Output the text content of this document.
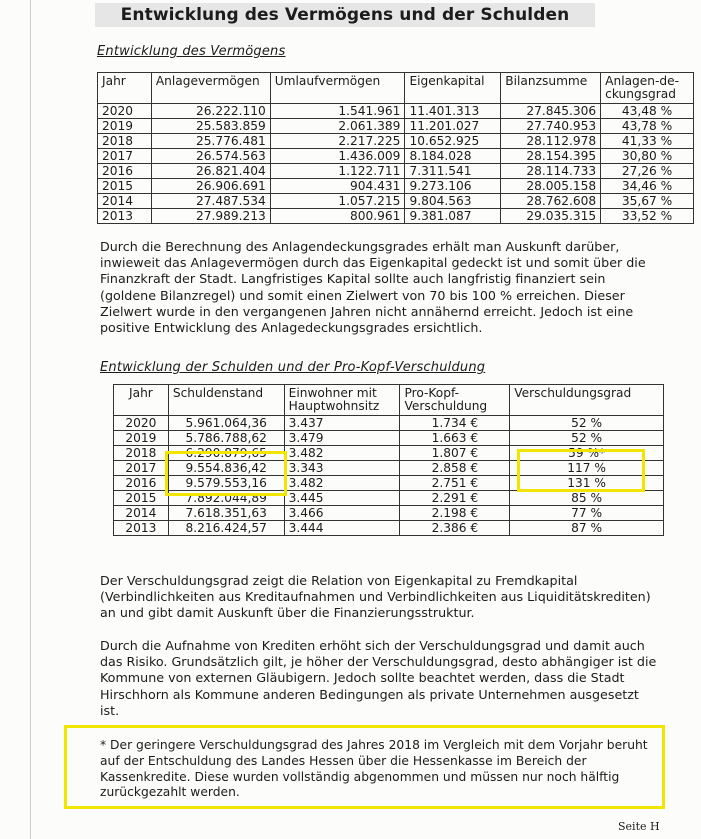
Entwicklung des Vermögens und der Schulden
Entwicklung des Vermögens
Jahr	Anlagevermögen	Umlaufvermögen	Eigenkapital	Bilanzsumme	Anlagen-de-ckungsgrad
2020	26.222.110	1.541.961	11.401.313	27.845.306	43,48 %
2019	25.583.859	2.061.389	11.201.027	27.740.953	43,78 %
2018	25.776.481	2.217.225	10.652.925	28.112.978	41,33 %
2017	26.574.563	1.436.009	8.184.028	28.154.395	30,80 %
2016	26.821.404	1.122.711	7.311.541	28.114.733	27,26 %
2015	26.906.691	904.431	9.273.106	28.005.158	34,46 %
2014	27.487.534	1.057.215	9.804.563	28.762.608	35,67 %
2013	27.989.213	800.961	9.381.087	29.035.315	33,52 %

Durch die Berechnung des Anlagendeckungsgrades erhält man Auskunft darüber, inwieweit das Anlagevermögen durch das Eigenkapital gedeckt ist und somit über die Finanzkraft der Stadt. Langfristiges Kapital sollte auch langfristig finanziert sein (goldene Bilanzregel) und somit einen Zielwert von 70 bis 100 % erreichen. Dieser Zielwert wurde in den vergangenen Jahren nicht annähernd erreicht. Jedoch ist eine positive Entwicklung des Anlagedeckungsgrades ersichtlich.

Entwicklung der Schulden und der Pro-Kopf-Verschuldung
Jahr	Schuldenstand	Einwohner mit Hauptwohnsitz	Pro-Kopf-Verschuldung	Verschuldungsgrad
2020	5.961.064,36	3.437	1.734 €	52 %
2019	5.786.788,62	3.479	1.663 €	52 %
2018	6.290.879,65	3.482	1.807 €	59 %*
2017	9.554.836,42	3.343	2.858 €	117 %
2016	9.579.553,16	3.482	2.751 €	131 %
2015	7.892.044,89	3.445	2.291 €	85 %
2014	7.618.351,63	3.466	2.198 €	77 %
2013	8.216.424,57	3.444	2.386 €	87 %

Der Verschuldungsgrad zeigt die Relation von Eigenkapital zu Fremdkapital (Verbindlichkeiten aus Kreditaufnahmen und Verbindlichkeiten aus Liquiditätskrediten) an und gibt damit Auskunft über die Finanzierungsstruktur.

Durch die Aufnahme von Krediten erhöht sich der Verschuldungsgrad und damit auch das Risiko. Grundsätzlich gilt, je höher der Verschuldungsgrad, desto abhängiger ist die Kommune von externen Gläubigern. Jedoch sollte beachtet werden, dass die Stadt Hirschhorn als Kommune anderen Bedingungen als private Unternehmen ausgesetzt ist.

* Der geringere Verschuldungsgrad des Jahres 2018 im Vergleich mit dem Vorjahr beruht auf der Entschuldung des Landes Hessen über die Hessenkasse im Bereich der Kassenkredite. Diese wurden vollständig abgenommen und müssen nur noch hälftig zurückgezahlt werden.

Seite H
